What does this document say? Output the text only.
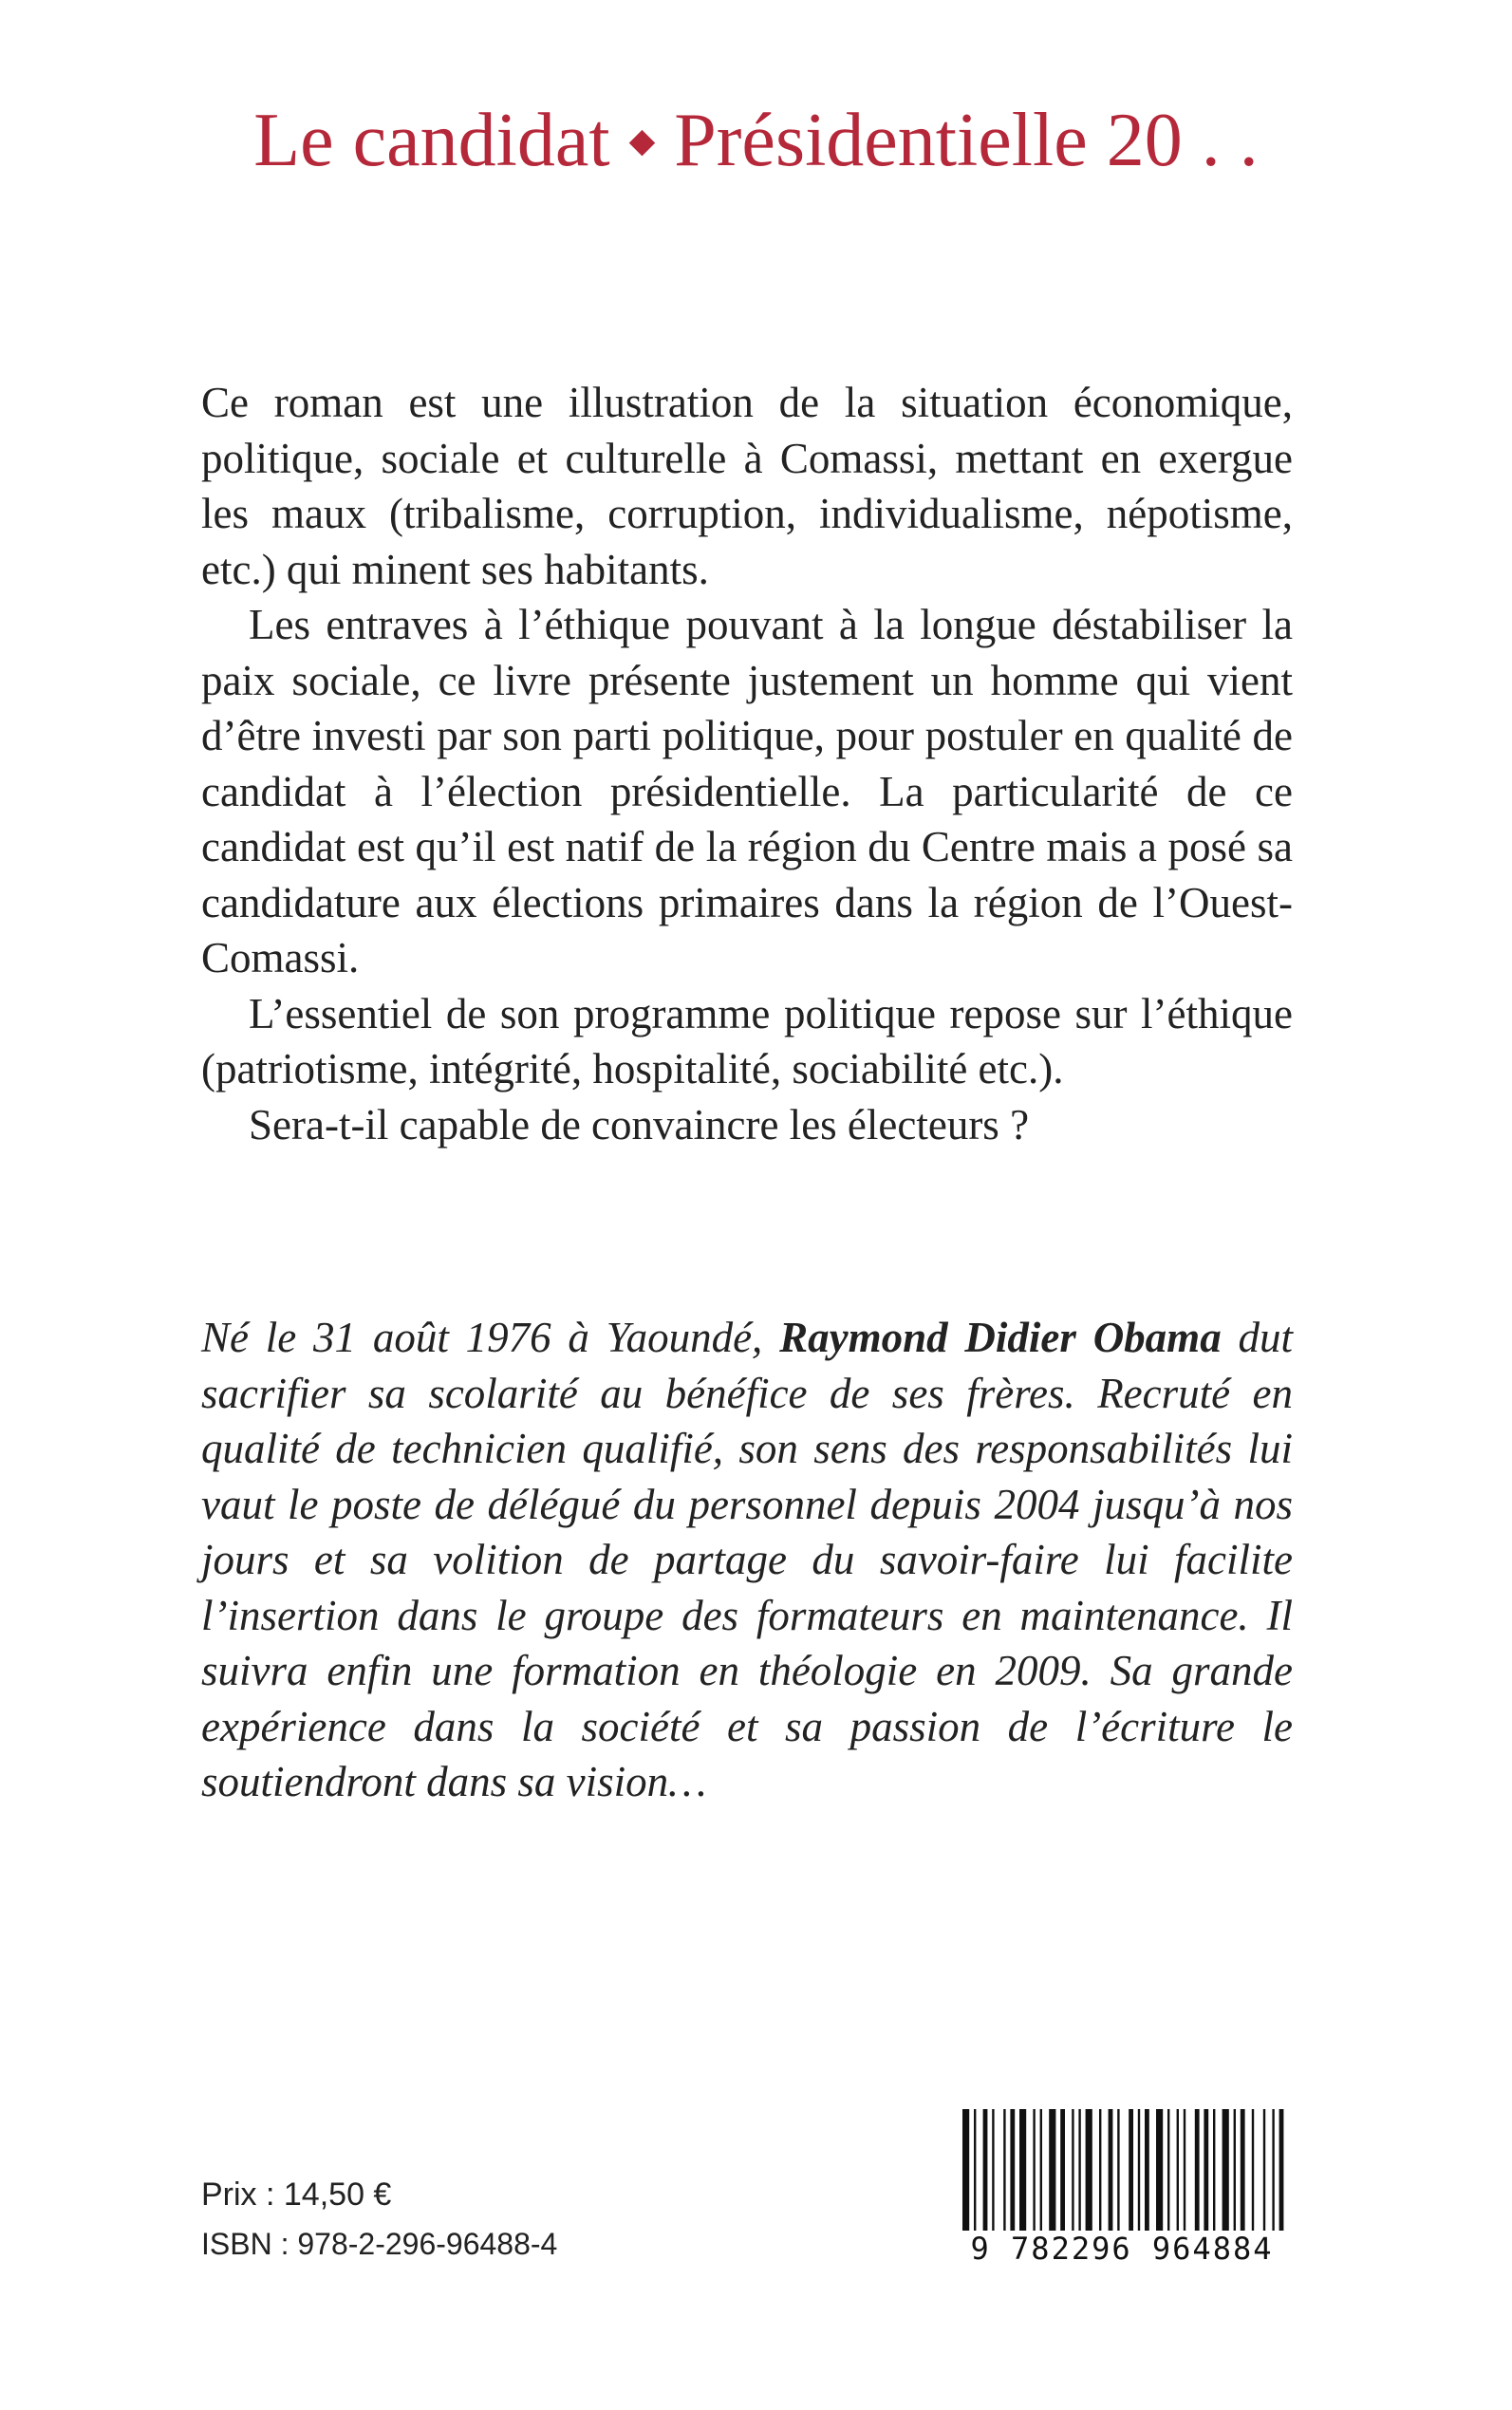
Le candidat ◆ Présidentielle 20 . .

Ce roman est une illustration de la situation économique, politique, sociale et culturelle à Comassi, mettant en exergue les maux (tribalisme, corruption, individualisme, népotisme, etc.) qui minent ses habitants.

Les entraves à l’éthique pouvant à la longue déstabiliser la paix sociale, ce livre présente justement un homme qui vient d’être investi par son parti politique, pour postuler en qualité de candidat à l’élection présidentielle. La particularité de ce candidat est qu’il est natif de la région du Centre mais a posé sa candidature aux élections primaires dans la région de l’Ouest-Comassi.

L’essentiel de son programme politique repose sur l’éthique (patriotisme, intégrité, hospitalité, sociabilité etc.).

Sera-t-il capable de convaincre les électeurs ?

Né le 31 août 1976 à Yaoundé, Raymond Didier Obama dut sacrifier sa scolarité au bénéfice de ses frères. Recruté en qualité de technicien qualifié, son sens des responsabilités lui vaut le poste de délégué du personnel depuis 2004 jusqu’à nos jours et sa volition de partage du savoir-faire lui facilite l’insertion dans le groupe des formateurs en maintenance. Il suivra enfin une formation en théologie en 2009. Sa grande expérience dans la société et sa passion de l’écriture le soutiendront dans sa vision…

Prix : 14,50 €
ISBN : 978-2-296-96488-4	9 782296 964884
